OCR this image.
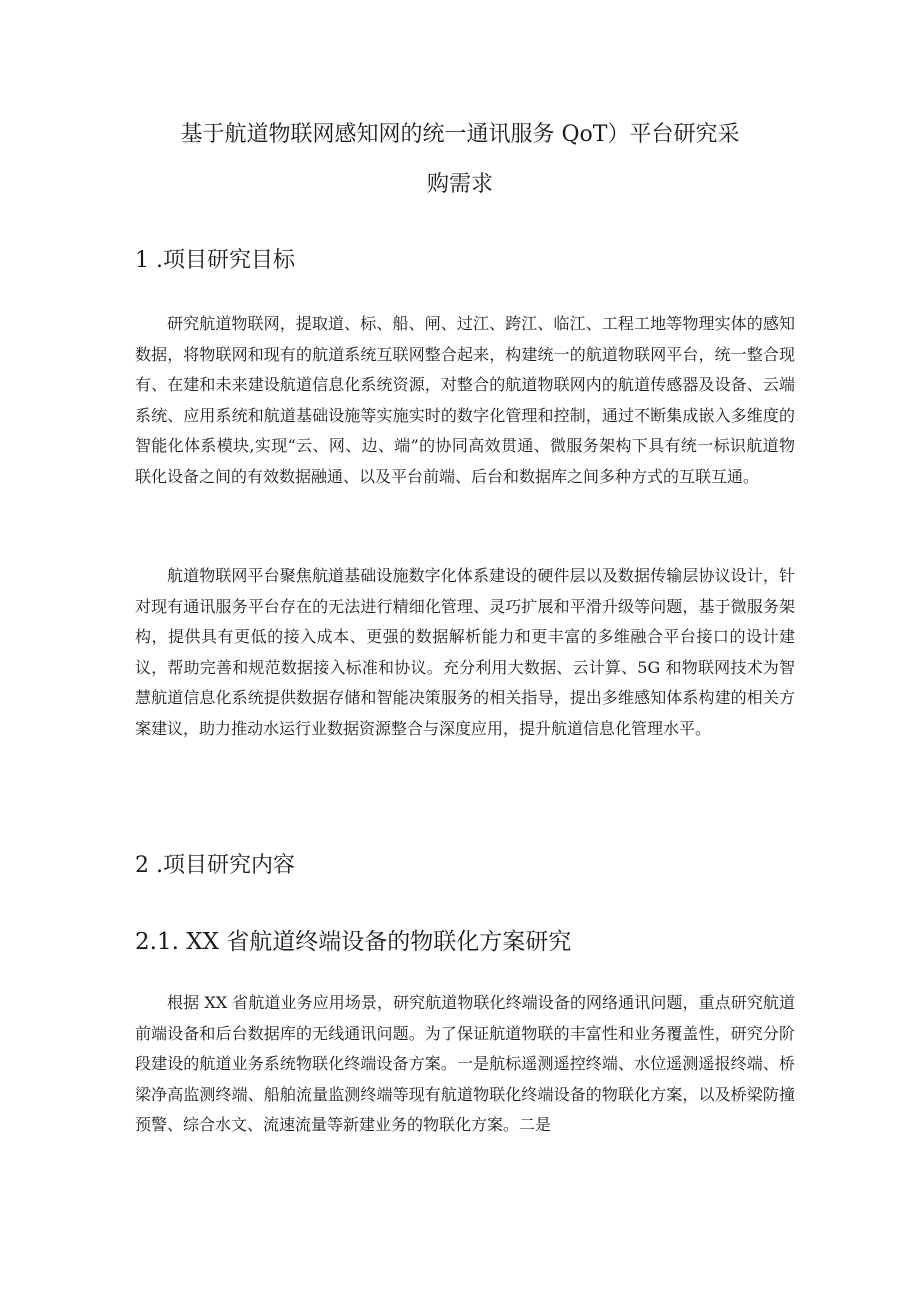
基于航道物联网感知网的统一通讯服务 QoT）平台研究采
购需求
1 .项目研究目标

研究航道物联网，提取道、标、船、闸、过江、跨江、临江、工程工地等物理实体的感知数据，将物联网和现有的航道系统互联网整合起来，构建统一的航道物联网平台，统一整合现有、在建和未来建设航道信息化系统资源，对整合的航道物联网内的航道传感器及设备、云端系统、应用系统和航道基础设施等实施实时的数字化管理和控制，通过不断集成嵌入多维度的智能化体系模块,实现“云、网、边、端”的协同高效贯通、微服务架构下具有统一标识航道物联化设备之间的有效数据融通、以及平台前端、后台和数据库之间多种方式的互联互通。

航道物联网平台聚焦航道基础设施数字化体系建设的硬件层以及数据传输层协议设计，针对现有通讯服务平台存在的无法进行精细化管理、灵巧扩展和平滑升级等问题，基于微服务架构，提供具有更低的接入成本、更强的数据解析能力和更丰富的多维融合平台接口的设计建议，帮助完善和规范数据接入标准和协议。充分利用大数据、云计算、5G 和物联网技术为智慧航道信息化系统提供数据存储和智能决策服务的相关指导，提出多维感知体系构建的相关方案建议，助力推动水运行业数据资源整合与深度应用，提升航道信息化管理水平。

2 .项目研究内容
2.1. XX 省航道终端设备的物联化方案研究

根据 XX 省航道业务应用场景，研究航道物联化终端设备的网络通讯问题，重点研究航道前端设备和后台数据库的无线通讯问题。为了保证航道物联的丰富性和业务覆盖性，研究分阶段建设的航道业务系统物联化终端设备方案。一是航标遥测遥控终端、水位遥测遥报终端、桥梁净高监测终端、船舶流量监测终端等现有航道物联化终端设备的物联化方案，以及桥梁防撞预警、综合水文、流速流量等新建业务的物联化方案。二是
